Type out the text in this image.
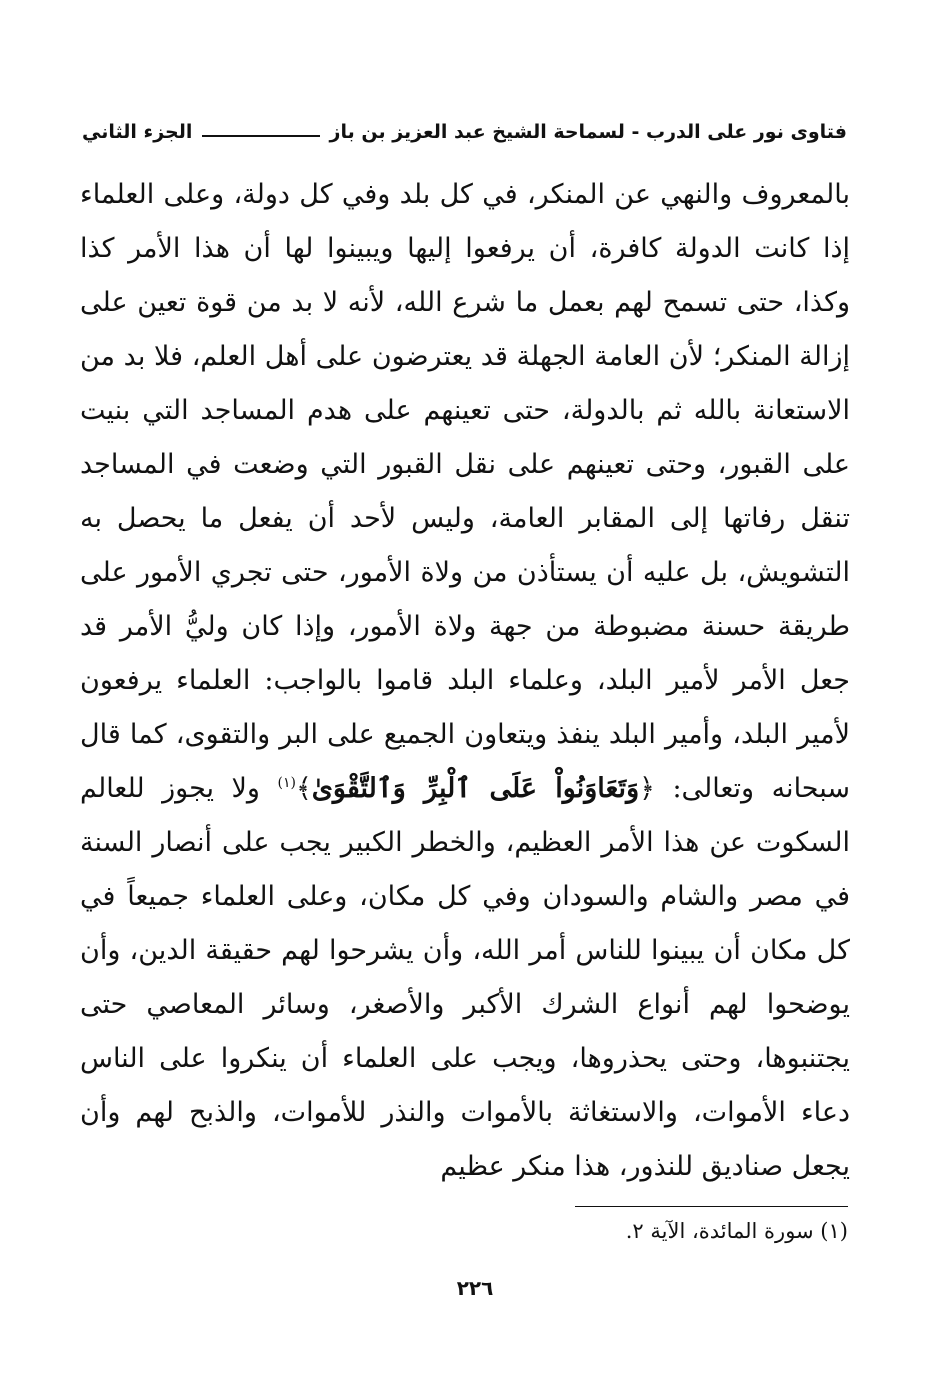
فتاوى نور على الدرب - لسماحة الشيخ عبد العزيز بن باز
الجزء الثاني

بالمعروف والنهي عن المنكر، في كل بلد وفي كل دولة، وعلى العلماء إذا كانت الدولة كافرة، أن يرفعوا إليها ويبينوا لها أن هذا الأمر كذا وكذا، حتى تسمح لهم بعمل ما شرع الله، لأنه لا بد من قوة تعين على إزالة المنكر؛ لأن العامة الجهلة قد يعترضون على أهل العلم، فلا بد من الاستعانة بالله ثم بالدولة، حتى تعينهم على هدم المساجد التي بنيت على القبور، وحتى تعينهم على نقل القبور التي وضعت في المساجد تنقل رفاتها إلى المقابر العامة، وليس لأحد أن يفعل ما يحصل به التشويش، بل عليه أن يستأذن من ولاة الأمور، حتى تجري الأمور على طريقة حسنة مضبوطة من جهة ولاة الأمور، وإذا كان وليُّ الأمر قد جعل الأمر لأمير البلد، وعلماء البلد قاموا بالواجب: العلماء يرفعون لأمير البلد، وأمير البلد ينفذ ويتعاون الجميع على البر والتقوى، كما قال سبحانه وتعالى: ﴿وَتَعَاوَنُواْ عَلَى ٱلْبِرِّ وَٱلتَّقْوَىٰ﴾$^{(١)}$ ولا يجوز للعالم السكوت عن هذا الأمر العظيم، والخطر الكبير يجب على أنصار السنة في مصر والشام والسودان وفي كل مكان، وعلى العلماء جميعاً في كل مكان أن يبينوا للناس أمر الله، وأن يشرحوا لهم حقيقة الدين، وأن يوضحوا لهم أنواع الشرك الأكبر والأصغر، وسائر المعاصي حتى يجتنبوها، وحتى يحذروها، ويجب على العلماء أن ينكروا على الناس دعاء الأموات، والاستغاثة بالأموات والنذر للأموات، والذبح لهم وأن يجعل صناديق للنذور، هذا منكر عظيم

(١) سورة المائدة، الآية ٢.
٢٢٦
